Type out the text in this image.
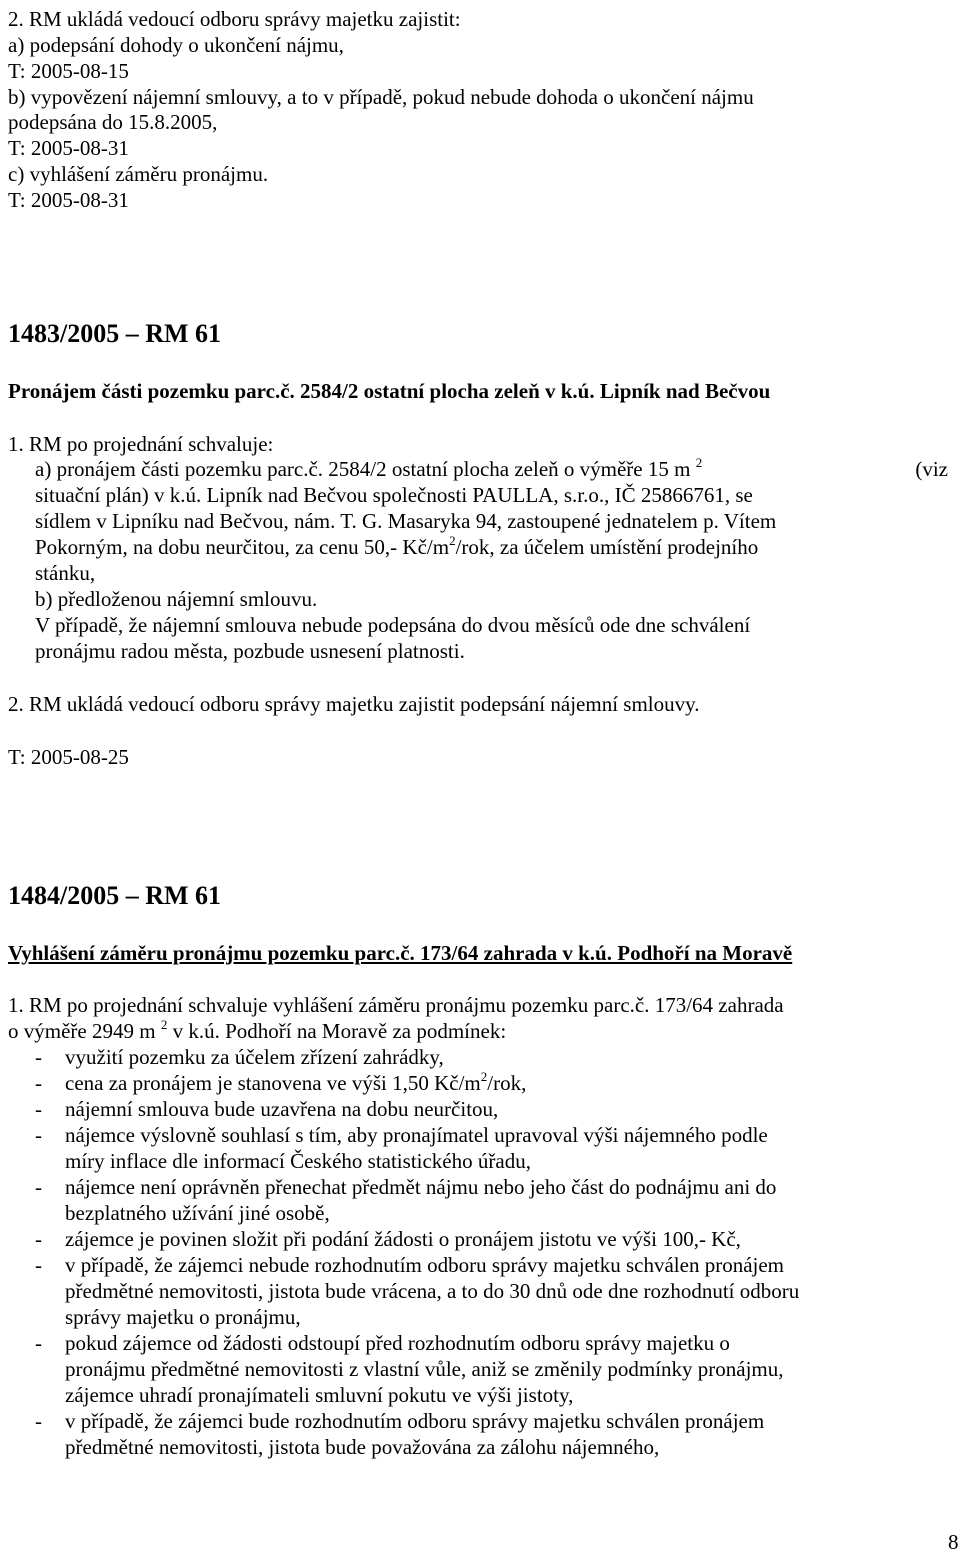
2. RM ukládá vedoucí odboru správy majetku zajistit:
a) podepsání dohody o ukončení nájmu,
T: 2005-08-15
b) vypovězení nájemní smlouvy, a to v případě, pokud nebude dohoda o ukončení nájmu
podepsána do 15.8.2005,
T: 2005-08-31
c) vyhlášení záměru pronájmu.
T: 2005-08-31
1483/2005 – RM 61
Pronájem části pozemku parc.č. 2584/2 ostatní plocha zeleň v k.ú. Lipník nad Bečvou
1. RM po projednání schvaluje:
a) pronájem části pozemku parc.č. 2584/2 ostatní plocha zeleň o výměře 15 m $^2$	(viz
situační plán) v k.ú. Lipník nad Bečvou společnosti PAULLA, s.r.o., IČ 25866761, se
sídlem v Lipníku nad Bečvou, nám. T. G. Masaryka 94, zastoupené jednatelem p. Vítem
Pokorným, na dobu neurčitou, za cenu 50,- $Kč/m^2$/rok, za účelem umístění prodejního
stánku,
b) předloženou nájemní smlouvu.
V případě, že nájemní smlouva nebude podepsána do dvou měsíců ode dne schválení
pronájmu radou města, pozbude usnesení platnosti.
2. RM ukládá vedoucí odboru správy majetku zajistit podepsání nájemní smlouvy.
T: 2005-08-25
1484/2005 – RM 61
Vyhlášení záměru pronájmu pozemku parc.č. 173/64 zahrada v k.ú. Podhoří na Moravě
1. RM po projednání schvaluje vyhlášení záměru pronájmu pozemku parc.č. 173/64 zahrada
o výměře 2949 m $^2$ v k.ú. Podhoří na Moravě za podmínek:
- využití pozemku za účelem zřízení zahrádky,
- cena za pronájem je stanovena ve výši 1,50 $Kč/m^2$/rok,
- nájemní smlouva bude uzavřena na dobu neurčitou,
- nájemce výslovně souhlasí s tím, aby pronajímatel upravoval výši nájemného podle
míry inflace dle informací Českého statistického úřadu,
- nájemce není oprávněn přenechat předmět nájmu nebo jeho část do podnájmu ani do
bezplatného užívání jiné osobě,
- zájemce je povinen složit při podání žádosti o pronájem jistotu ve výši 100,- Kč,
- v případě, že zájemci nebude rozhodnutím odboru správy majetku schválen pronájem
předmětné nemovitosti, jistota bude vrácena, a to do 30 dnů ode dne rozhodnutí odboru
správy majetku o pronájmu,
- pokud zájemce od žádosti odstoupí před rozhodnutím odboru správy majetku o
pronájmu předmětné nemovitosti z vlastní vůle, aniž se změnily podmínky pronájmu,
zájemce uhradí pronajímateli smluvní pokutu ve výši jistoty,
- v případě, že zájemci bude rozhodnutím odboru správy majetku schválen pronájem
předmětné nemovitosti, jistota bude považována za zálohu nájemného,
8
